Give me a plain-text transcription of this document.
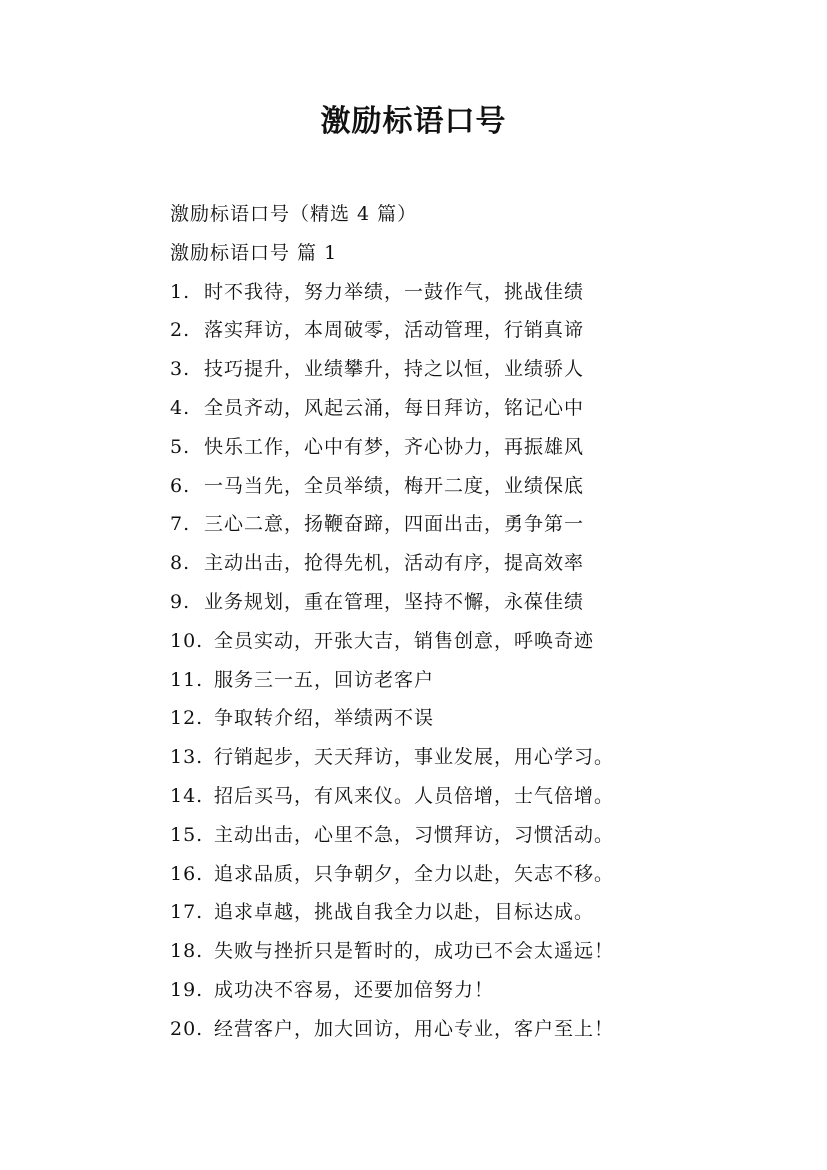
激励标语口号
激励标语口号（精选 4 篇）
激励标语口号 篇 1
1. 时不我待，努力举绩，一鼓作气，挑战佳绩
2. 落实拜访，本周破零，活动管理，行销真谛
3. 技巧提升，业绩攀升，持之以恒，业绩骄人
4. 全员齐动，风起云涌，每日拜访，铭记心中
5. 快乐工作，心中有梦，齐心协力，再振雄风
6. 一马当先，全员举绩，梅开二度，业绩保底
7. 三心二意，扬鞭奋蹄，四面出击，勇争第一
8. 主动出击，抢得先机，活动有序，提高效率
9. 业务规划，重在管理，坚持不懈，永葆佳绩
10. 全员实动，开张大吉，销售创意，呼唤奇迹
11. 服务三一五，回访老客户
12. 争取转介绍，举绩两不误
13. 行销起步，天天拜访，事业发展，用心学习。
14. 招后买马，有风来仪。人员倍增，士气倍增。
15. 主动出击，心里不急，习惯拜访，习惯活动。
16. 追求品质，只争朝夕，全力以赴，矢志不移。
17. 追求卓越，挑战自我全力以赴，目标达成。
18. 失败与挫折只是暂时的，成功已不会太遥远！
19. 成功决不容易，还要加倍努力！
20. 经营客户，加大回访，用心专业，客户至上！
